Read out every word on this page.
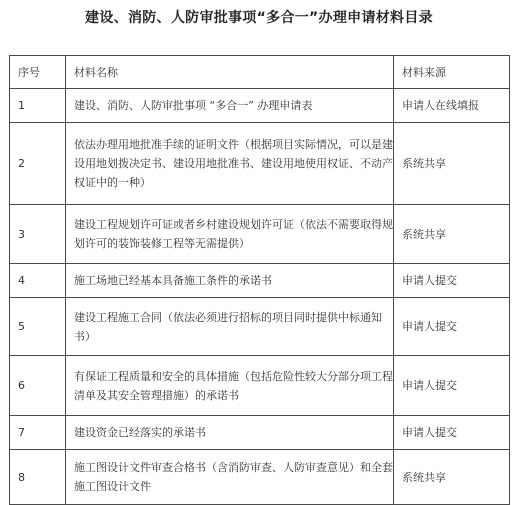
建设、消防、人防审批事项“多合一”办理申请材料目录
序号	材料名称	材料来源
1	建设、消防、人防审批事项 “多合一” 办理申请表	申请人在线填报
2	依法办理用地批准手续的证明文件（根据项目实际情况，可以是建设用地划拨决定书、建设用地批准书、建设用地使用权证、不动产权证中的一种）	系统共享
3	建设工程规划许可证或者乡村建设规划许可证（依法不需要取得规划许可的装饰装修工程等无需提供）	系统共享
4	施工场地已经基本具备施工条件的承诺书	申请人提交
5	建设工程施工合同（依法必须进行招标的项目同时提供中标通知书）	申请人提交
6	有保证工程质量和安全的具体措施（包括危险性较大分部分项工程清单及其安全管理措施）的承诺书	申请人提交
7	建设资金已经落实的承诺书	申请人提交
8	施工图设计文件审查合格书（含消防审查、人防审查意见）和全套施工图设计文件	系统共享
